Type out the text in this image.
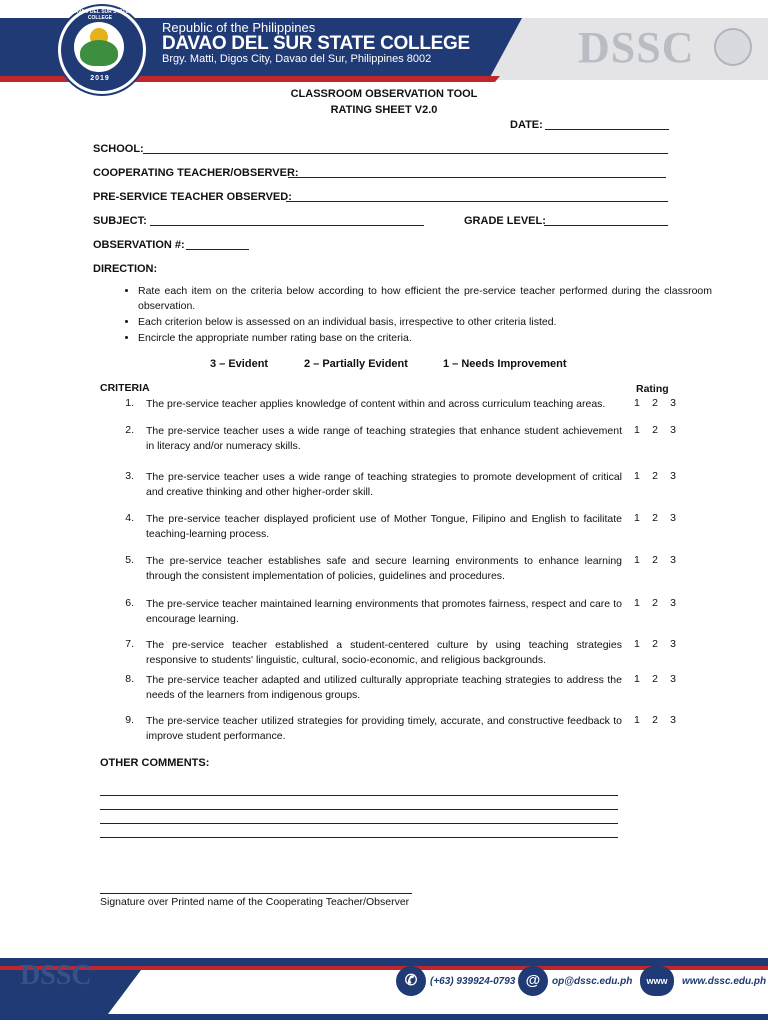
DAVAO DEL SUR STATE COLLEGE
2019
Republic of the Philippines
DAVAO DEL SUR STATE COLLEGE
Brgy. Matti, Digos City, Davao del Sur, Philippines 8002	DSSC
CLASSROOM OBSERVATION TOOL
RATING SHEET V2.0
DATE:
SCHOOL:
COOPERATING TEACHER/OBSERVER:
PRE-SERVICE TEACHER OBSERVED:
SUBJECT:	GRADE LEVEL:
OBSERVATION #:
DIRECTION:
• Rate each item on the criteria below according to how efficient the pre-service teacher performed during the classroom observation.
• Each criterion below is assessed on an individual basis, irrespective to other criteria listed.
• Encircle the appropriate number rating base on the criteria.
3 – Evident	2 – Partially Evident	1 – Needs Improvement
CRITERIA	Rating
1. The pre-service teacher applies knowledge of content within and across curriculum teaching areas.	1 2 3
2. The pre-service teacher uses a wide range of teaching strategies that enhance student achievement in literacy and/or numeracy skills.
1 2 3
3. The pre-service teacher uses a wide range of teaching strategies to promote development of critical and creative thinking and other higher-order skill.
1 2 3
4. The pre-service teacher displayed proficient use of Mother Tongue, Filipino and English to facilitate teaching-learning process.
1 2 3
5. The pre-service teacher establishes safe and secure learning environments to enhance learning through the consistent implementation of policies, guidelines and procedures.
1 2 3
6. The pre-service teacher maintained learning environments that promotes fairness, respect and care to encourage learning.
1 2 3
7. The pre-service teacher established a student-centered culture by using teaching strategies responsive to students' linguistic, cultural, socio-economic, and religious backgrounds.
1 2 3
8. The pre-service teacher adapted and utilized culturally appropriate teaching strategies to address the needs of the learners from indigenous groups.
1 2 3
9. The pre-service teacher utilized strategies for providing timely, accurate, and constructive feedback to improve student performance.
1 2 3
OTHER COMMENTS:
Signature over Printed name of the Cooperating Teacher/Observer
DSSC	✆	(+63) 939924-0793 @	op@dssc.edu.ph	www	www.dssc.edu.ph
